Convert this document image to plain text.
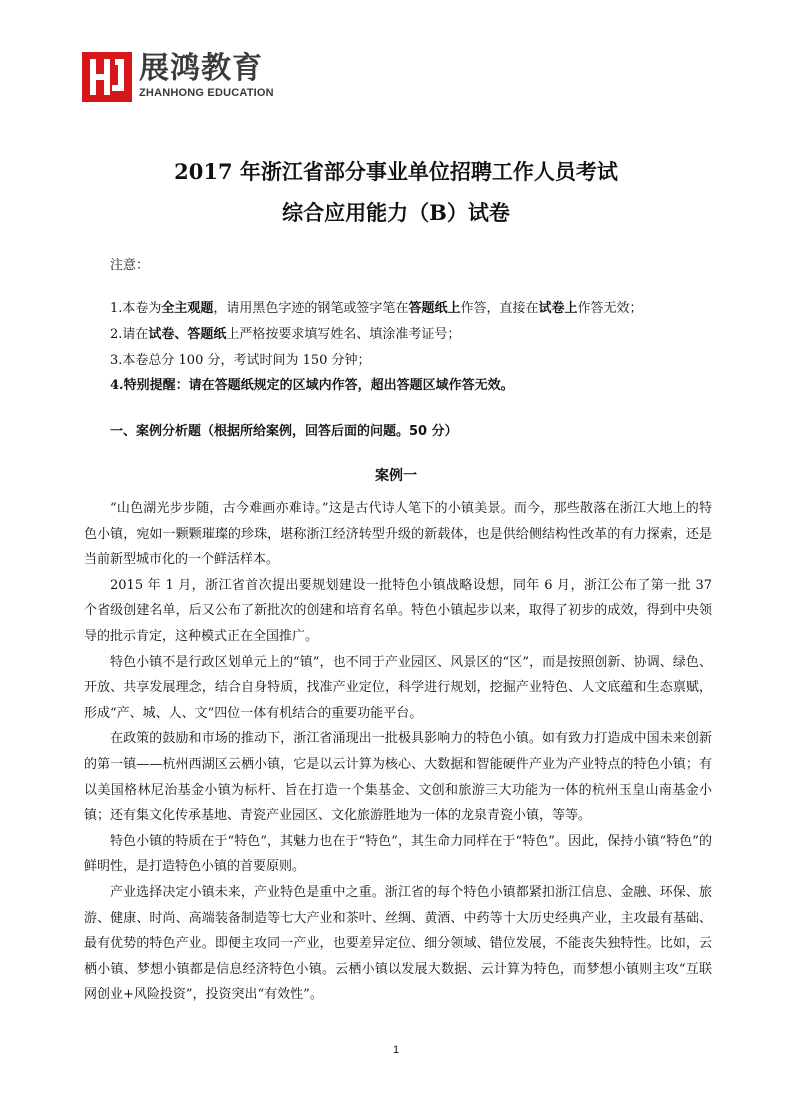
展鸿教育
ZHANHONG EDUCATION
2017 年浙江省部分事业单位招聘工作人员考试
综合应用能力（B）试卷
注意：
1.本卷为全主观题，请用黑色字迹的钢笔或签字笔在答题纸上作答，直接在试卷上作答无效；
2.请在试卷、答题纸上严格按要求填写姓名、填涂准考证号；
3.本卷总分 100 分，考试时间为 150 分钟；
4.特别提醒：请在答题纸规定的区域内作答，超出答题区域作答无效。
一、案例分析题（根据所给案例，回答后面的问题。50 分）
案例一

“山色湖光步步随，古今难画亦难诗。”这是古代诗人笔下的小镇美景。而今，那些散落在浙江大地上的特色小镇，宛如一颗颗璀璨的珍珠，堪称浙江经济转型升级的新载体，也是供给侧结构性改革的有力探索，还是当前新型城市化的一个鲜活样本。

2015 年 1 月，浙江省首次提出要规划建设一批特色小镇战略设想，同年 6 月，浙江公布了第一批 37 个省级创建名单，后又公布了新批次的创建和培育名单。特色小镇起步以来，取得了初步的成效，得到中央领导的批示肯定，这种模式正在全国推广。

特色小镇不是行政区划单元上的“镇”，也不同于产业园区、风景区的“区”，而是按照创新、协调、绿色、开放、共享发展理念，结合自身特质，找准产业定位，科学进行规划，挖掘产业特色、人文底蕴和生态禀赋，形成“产、城、人、文”四位一体有机结合的重要功能平台。

在政策的鼓励和市场的推动下，浙江省涌现出一批极具影响力的特色小镇。如有致力打造成中国未来创新的第一镇——杭州西湖区云栖小镇，它是以云计算为核心、大数据和智能硬件产业为产业特点的特色小镇；有以美国格林尼治基金小镇为标杆、旨在打造一个集基金、文创和旅游三大功能为一体的杭州玉皇山南基金小镇；还有集文化传承基地、青瓷产业园区、文化旅游胜地为一体的龙泉青瓷小镇，等等。

特色小镇的特质在于“特色”，其魅力也在于“特色”，其生命力同样在于“特色”。因此，保持小镇“特色”的鲜明性，是打造特色小镇的首要原则。

产业选择决定小镇未来，产业特色是重中之重。浙江省的每个特色小镇都紧扣浙江信息、金融、环保、旅游、健康、时尚、高端装备制造等七大产业和茶叶、丝绸、黄酒、中药等十大历史经典产业，主攻最有基础、最有优势的特色产业。即便主攻同一产业，也要差异定位、细分领域、错位发展，不能丧失独特性。比如，云栖小镇、梦想小镇都是信息经济特色小镇。云栖小镇以发展大数据、云计算为特色，而梦想小镇则主攻“互联网创业+风险投资”，投资突出“有效性”。

1
